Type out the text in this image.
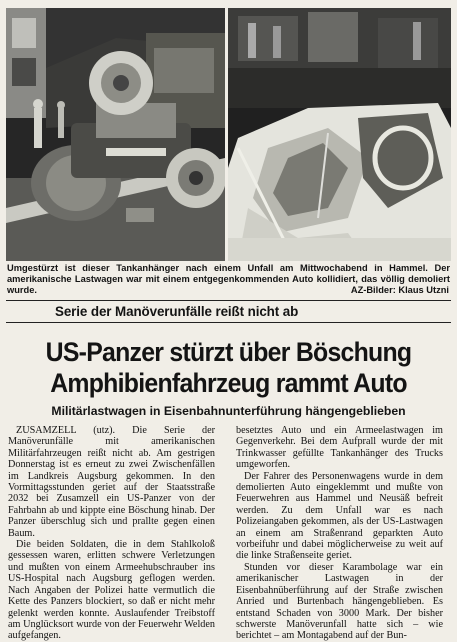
Umgestürzt ist dieser Tankanhänger nach einem Unfall am Mittwochabend in Hammel. Der amerikanische Lastwagen war mit einem entgegenkommenden Auto kollidiert, das völlig demoliert wurde.	AZ-Bilder: Klaus Utzni
Serie der Manöverunfälle reißt nicht ab
US-Panzer stürzt über Böschung
Amphibienfahrzeug rammt Auto
Militärlastwagen in Eisenbahnunterführung hängengeblieben

ZUSAMZELL (utz). Die Serie der Manöverunfälle mit amerikanischen Militärfahrzeugen reißt nicht ab. Am gestrigen Donnerstag ist es erneut zu zwei Zwischenfällen im Landkreis Augsburg gekommen. In den Vormittagsstunden geriet auf der Staatsstraße 2032 bei Zusamzell ein US-Panzer von der Fahrbahn ab und kippte eine Böschung hinab. Der Panzer überschlug sich und prallte gegen einen Baum.

Die beiden Soldaten, die in dem Stahlkoloß gessessen waren, erlitten schwere Verletzungen und mußten von einem Armeehubschrauber ins US-Hospital nach Augsburg geflogen werden. Nach Angaben der Polizei hatte vermutlich die Kette des Panzers blockiert, so daß er nicht mehr gelenkt werden konnte. Auslaufender Treibstoff am Unglücksort wurde von der Feuerwehr Welden aufgefangen.

besetztes Auto und ein Armeelastwagen im Gegenverkehr. Bei dem Aufprall wurde der mit Trinkwasser gefüllte Tankanhänger des Trucks umgeworfen.

Der Fahrer des Personenwagens wurde in dem demolierten Auto eingeklemmt und mußte von Feuerwehren aus Hammel und Neusäß befreit werden. Zu dem Unfall war es nach Polizeiangaben gekommen, als der US-Lastwagen an einem am Straßenrand geparkten Auto vorbeifuhr und dabei möglicherweise zu weit auf die linke Straßenseite geriet.

Stunden vor dieser Karambolage war ein amerikanischer Lastwagen in der Eisenbahnüberführung auf der Straße zwischen Anried und Burtenbach hängengeblieben. Es entstand Schaden von 3000 Mark. Der bisher schwerste Manöverunfall hatte sich – wie berichtet – am Montagabend auf der Bun-
